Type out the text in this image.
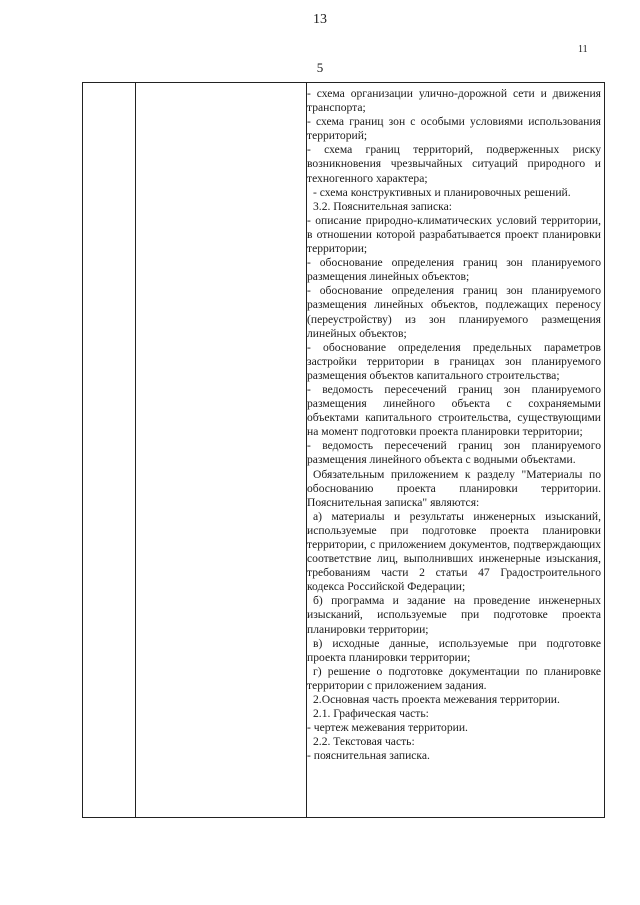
13
11
5

- схема организации улично-дорожной сети и движения транспорта;

- схема границ зон с особыми условиями использования территорий;

- схема границ территорий, подверженных риску возникновения чрезвычайных ситуаций природного и техногенного характера;

- схема конструктивных и планировочных решений.

3.2. Пояснительная записка:

- описание природно-климатических условий территории, в отношении которой разрабатывается проект планировки территории;

- обоснование определения границ зон планируемого размещения линейных объектов;

- обоснование определения границ зон планируемого размещения линейных объектов, подлежащих переносу (переустройству) из зон планируемого размещения линейных объектов;

- обоснование определения предельных параметров застройки территории в границах зон планируемого размещения объектов капитального строительства;

- ведомость пересечений границ зон планируемого размещения линейного объекта с сохраняемыми объектами капитального строительства, существующими на момент подготовки проекта планировки территории;

- ведомость пересечений границ зон планируемого размещения линейного объекта с водными объектами.

Обязательным приложением к разделу "Материалы по обоснованию проекта планировки территории. Пояснительная записка" являются:

а) материалы и результаты инженерных изысканий, используемые при подготовке проекта планировки территории, с приложением документов, подтверждающих соответствие лиц, выполнивших инженерные изыскания, требованиям части 2 статьи 47 Градостроительного кодекса Российской Федерации;

б) программа и задание на проведение инженерных изысканий, используемые при подготовке проекта планировки территории;

в) исходные данные, используемые при подготовке проекта планировки территории;

г) решение о подготовке документации по планировке территории с приложением задания.

2.Основная часть проекта межевания территории.

2.1. Графическая часть:

- чертеж межевания территории.

2.2. Текстовая часть:

- пояснительная записка.
